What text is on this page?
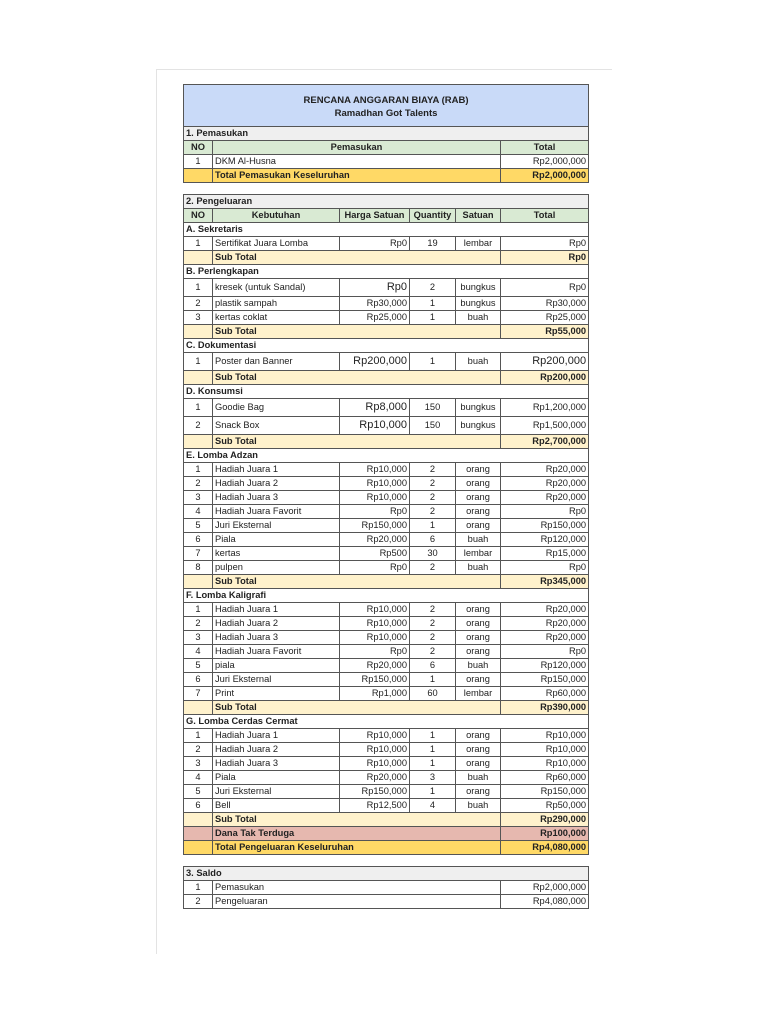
RENCANA ANGGARAN BIAYA (RAB)
Ramadhan Got Talents					

1. Pemasukan					
NO	Pemasukan				Total
1	DKM Al-Husna				Rp2,000,000
	Total Pemasukan Keseluruhan				Rp2,000,000

2. Pengeluaran					
NO	Kebutuhan	Harga Satuan	Quantity	Satuan	Total
A. Sekretaris					
1	Sertifikat Juara Lomba	Rp0	19	lembar	Rp0
	Sub Total				Rp0
B. Perlengkapan					
1	kresek (untuk Sandal)	Rp0	2	bungkus	Rp0
2	plastik sampah	Rp30,000	1	bungkus	Rp30,000
3	kertas coklat	Rp25,000	1	buah	Rp25,000
	Sub Total				Rp55,000
C. Dokumentasi					
1	Poster dan Banner	Rp200,000	1	buah	Rp200,000
	Sub Total				Rp200,000
D. Konsumsi					
1	Goodie Bag	Rp8,000	150	bungkus	Rp1,200,000
2	Snack Box	Rp10,000	150	bungkus	Rp1,500,000
	Sub Total				Rp2,700,000
E. Lomba Adzan					
1	Hadiah Juara 1	Rp10,000	2	orang	Rp20,000
2	Hadiah Juara 2	Rp10,000	2	orang	Rp20,000
3	Hadiah Juara 3	Rp10,000	2	orang	Rp20,000
4	Hadiah Juara Favorit	Rp0	2	orang	Rp0
5	Juri Eksternal	Rp150,000	1	orang	Rp150,000
6	Piala	Rp20,000	6	buah	Rp120,000
7	kertas	Rp500	30	lembar	Rp15,000
8	pulpen	Rp0	2	buah	Rp0
	Sub Total				Rp345,000
F. Lomba Kaligrafi					
1	Hadiah Juara 1	Rp10,000	2	orang	Rp20,000
2	Hadiah Juara 2	Rp10,000	2	orang	Rp20,000
3	Hadiah Juara 3	Rp10,000	2	orang	Rp20,000
4	Hadiah Juara Favorit	Rp0	2	orang	Rp0
5	piala	Rp20,000	6	buah	Rp120,000
6	Juri Eksternal	Rp150,000	1	orang	Rp150,000
7	Print	Rp1,000	60	lembar	Rp60,000
	Sub Total				Rp390,000
G. Lomba Cerdas Cermat					
1	Hadiah Juara 1	Rp10,000	1	orang	Rp10,000
2	Hadiah Juara 2	Rp10,000	1	orang	Rp10,000
3	Hadiah Juara 3	Rp10,000	1	orang	Rp10,000
4	Piala	Rp20,000	3	buah	Rp60,000
5	Juri Eksternal	Rp150,000	1	orang	Rp150,000
6	Bell	Rp12,500	4	buah	Rp50,000
	Sub Total				Rp290,000
	Dana Tak Terduga				Rp100,000
	Total Pengeluaran Keseluruhan				Rp4,080,000

3. Saldo					
1	Pemasukan				Rp2,000,000
2	Pengeluaran				Rp4,080,000
